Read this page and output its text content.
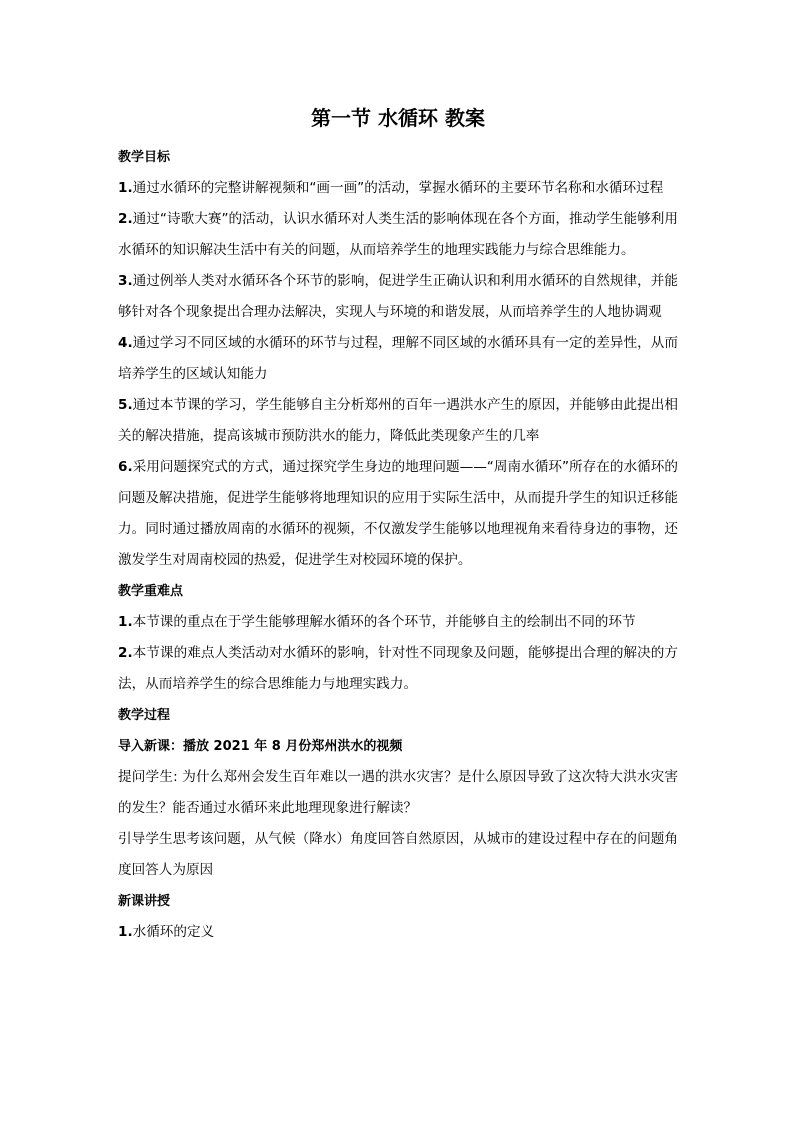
第一节 水循环 教案

教学目标

1.通过水循环的完整讲解视频和“画一画”的活动，掌握水循环的主要环节名称和水循环过程

2.通过“诗歌大赛”的活动，认识水循环对人类生活的影响体现在各个方面，推动学生能够利用水循环的知识解决生活中有关的问题，从而培养学生的地理实践能力与综合思维能力。

3.通过例举人类对水循环各个环节的影响，促进学生正确认识和利用水循环的自然规律，并能够针对各个现象提出合理办法解决，实现人与环境的和谐发展，从而培养学生的人地协调观

4.通过学习不同区域的水循环的环节与过程，理解不同区域的水循环具有一定的差异性，从而培养学生的区域认知能力

5.通过本节课的学习，学生能够自主分析郑州的百年一遇洪水产生的原因，并能够由此提出相关的解决措施，提高该城市预防洪水的能力，降低此类现象产生的几率

6.采用问题探究式的方式，通过探究学生身边的地理问题——“周南水循环”所存在的水循环的问题及解决措施，促进学生能够将地理知识的应用于实际生活中，从而提升学生的知识迁移能力。同时通过播放周南的水循环的视频，不仅激发学生能够以地理视角来看待身边的事物，还激发学生对周南校园的热爱，促进学生对校园环境的保护。

教学重难点

1.本节课的重点在于学生能够理解水循环的各个环节，并能够自主的绘制出不同的环节

2.本节课的难点人类活动对水循环的影响，针对性不同现象及问题，能够提出合理的解决的方法，从而培养学生的综合思维能力与地理实践力。

教学过程

导入新课：播放 2021 年 8 月份郑州洪水的视频

提问学生: 为什么郑州会发生百年难以一遇的洪水灾害？是什么原因导致了这次特大洪水灾害的发生？能否通过水循环来此地理现象进行解读？

引导学生思考该问题，从气候（降水）角度回答自然原因，从城市的建设过程中存在的问题角度回答人为原因

新课讲授

1.水循环的定义
